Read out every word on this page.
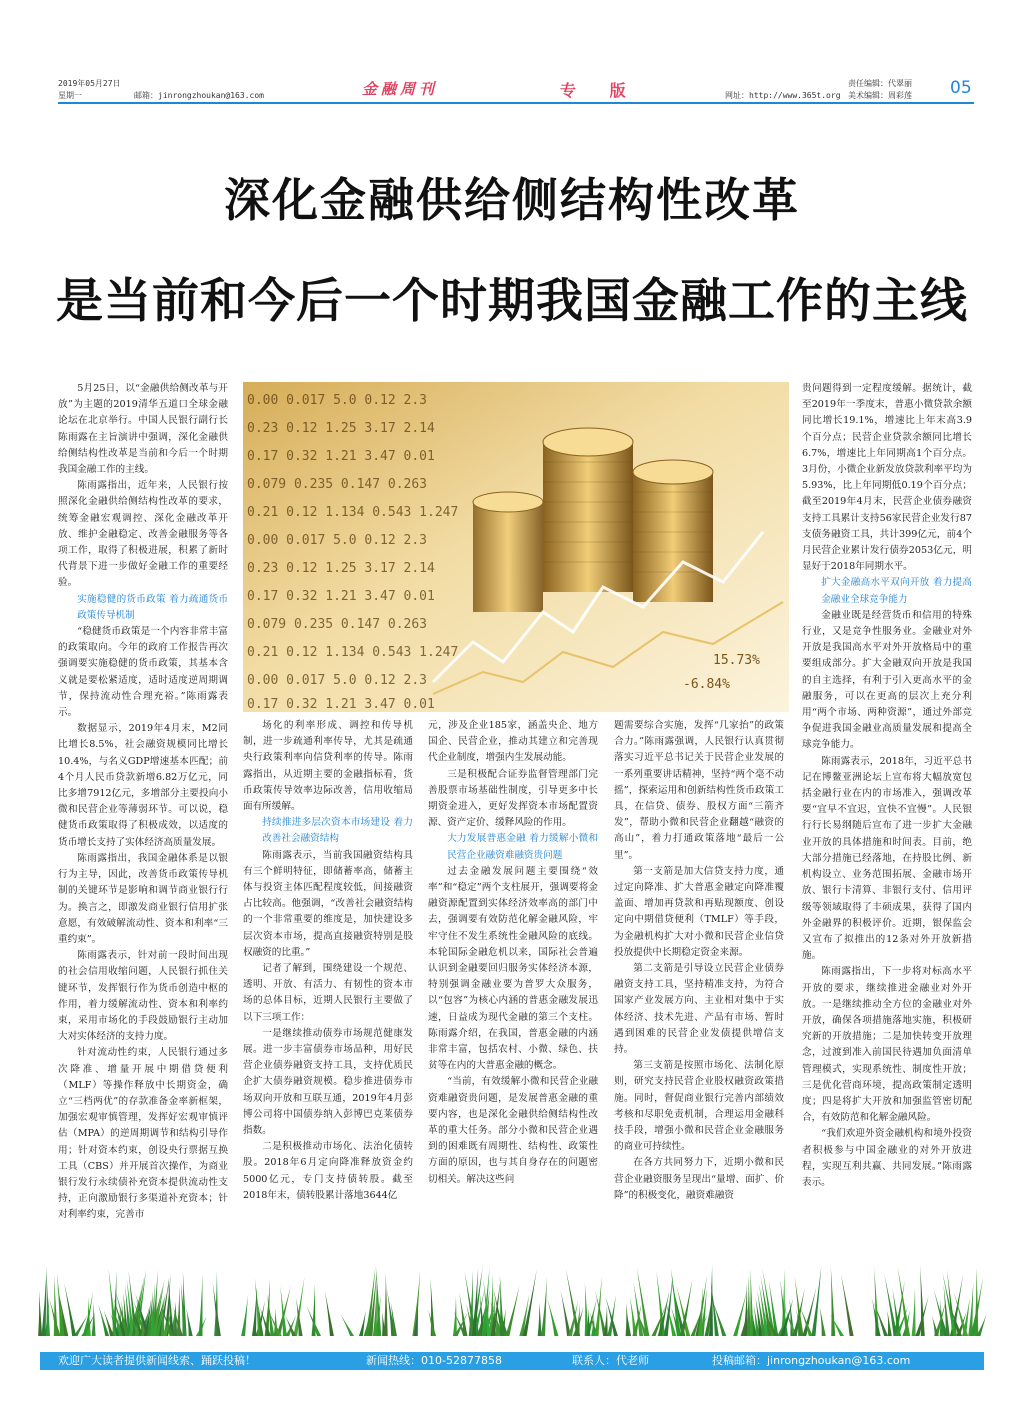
2019年05月27日
星期一	邮箱：jinrongzhoukan@163.com	金融周刊	专 版	网址：http://www.365t.org
责任编辑：代翠丽
美术编辑：周彩莲 05
深化金融供给侧结构性改革
是当前和今后一个时期我国金融工作的主线
0.00 0.017 5.0 0.12 2.3
0.23 0.12 1.25 3.17 2.14
0.17 0.32 1.21 3.47 0.01
0.079 0.235 0.147 0.263
0.21 0.12 1.134 0.543 1.247
0.00 0.017 5.0 0.12 2.3
0.23 0.12 1.25 3.17 2.14
0.17 0.32 1.21 3.47 0.01
0.079 0.235 0.147 0.263
0.21 0.12 1.134 0.543 1.247
0.00 0.017 5.0 0.12 2.3
0.17 0.32 1.21 3.47 0.01
15.73%
-6.84%

5月25日，以“金融供给侧改革与开放”为主题的2019清华五道口全球金融论坛在北京举行。中国人民银行副行长陈雨露在主旨演讲中强调，深化金融供给侧结构性改革是当前和今后一个时期我国金融工作的主线。

陈雨露指出，近年来，人民银行按照深化金融供给侧结构性改革的要求，统筹金融宏观调控、深化金融改革开放、维护金融稳定、改善金融服务等各项工作，取得了积极进展，积累了新时代背景下进一步做好金融工作的重要经验。

实施稳健的货币政策 着力疏通货币政策传导机制

“稳健货币政策是一个内容非常丰富的政策取向。今年的政府工作报告再次强调要实施稳健的货币政策，其基本含义就是要松紧适度，适时适度逆周期调节，保持流动性合理充裕。”陈雨露表示。

数据显示，2019年4月末，M2同比增长8.5%，社会融资规模同比增长10.4%，与名义GDP增速基本匹配；前4个月人民币贷款新增6.82万亿元，同比多增7912亿元，多增部分主要投向小微和民营企业等薄弱环节。可以说，稳健货币政策取得了积极成效，以适度的货币增长支持了实体经济高质量发展。

陈雨露指出，我国金融体系是以银行为主导，因此，改善货币政策传导机制的关键环节是影响和调节商业银行行为。换言之，即激发商业银行信用扩张意愿，有效破解流动性、资本和利率“三重约束”。

陈雨露表示，针对前一段时间出现的社会信用收缩问题，人民银行抓住关键环节，发挥银行作为货币创造中枢的作用，着力缓解流动性、资本和利率约束，采用市场化的手段鼓励银行主动加大对实体经济的支持力度。

针对流动性约束，人民银行通过多次降准、增量开展中期借贷便利（MLF）等操作释放中长期资金，确立“三档两优”的存款准备金率新框架，加强宏观审慎管理，发挥好宏观审慎评估（MPA）的逆周期调节和结构引导作用；针对资本约束，创设央行票据互换工具（CBS）并开展首次操作，为商业银行发行永续债补充资本提供流动性支持，正向激励银行多渠道补充资本；针对利率约束，完善市

场化的利率形成、调控和传导机制，进一步疏通利率传导，尤其是疏通央行政策利率向信贷利率的传导。陈雨露指出，从近期主要的金融指标看，货币政策传导效率边际改善，信用收缩局面有所缓解。

持续推进多层次资本市场建设 着力改善社会融资结构

陈雨露表示，当前我国融资结构具有三个鲜明特征，即储蓄率高，储蓄主体与投资主体匹配程度较低，间接融资占比较高。他强调，“改善社会融资结构的一个非常重要的维度是，加快建设多层次资本市场，提高直接融资特别是股权融资的比重。”

记者了解到，围绕建设一个规范、透明、开放、有活力、有韧性的资本市场的总体目标，近期人民银行主要做了以下三项工作：

一是继续推动债券市场规范健康发展。进一步丰富债券市场品种，用好民营企业债券融资支持工具，支持优质民企扩大债券融资规模。稳步推进债券市场双向开放和互联互通，2019年4月彭博公司将中国债券纳入彭博巴克莱债券指数。

二是积极推动市场化、法治化债转股。2018年6月定向降准释放资金约5000亿元，专门支持债转股。截至2018年末，债转股累计落地3644亿

元，涉及企业185家，涵盖央企、地方国企、民营企业，推动其建立和完善现代企业制度，增强内生发展动能。

三是积极配合证券监督管理部门完善股票市场基础性制度，引导更多中长期资金进入，更好发挥资本市场配置资源、资产定价、缓释风险的作用。

大力发展普惠金融 着力缓解小微和民营企业融资难融资贵问题

过去金融发展问题主要围绕“效率”和“稳定”两个支柱展开，强调要将金融资源配置到实体经济效率高的部门中去，强调要有效防范化解金融风险，牢牢守住不发生系统性金融风险的底线。本轮国际金融危机以来，国际社会普遍认识到金融要回归服务实体经济本源，特别强调金融业要为普罗大众服务，以“包容”为核心内涵的普惠金融发展迅速，日益成为现代金融的第三个支柱。陈雨露介绍，在我国，普惠金融的内涵非常丰富，包括农村、小微、绿色、扶贫等在内的大普惠金融的概念。

“当前，有效缓解小微和民营企业融资难融资贵问题，是发展普惠金融的重要内容，也是深化金融供给侧结构性改革的重大任务。部分小微和民营企业遇到的困难既有周期性、结构性、政策性方面的原因，也与其自身存在的问题密切相关。解决这些问

题需要综合实施，发挥“几家抬”的政策合力。”陈雨露强调，人民银行认真贯彻落实习近平总书记关于民营企业发展的一系列重要讲话精神，坚持“两个毫不动摇”，探索运用和创新结构性货币政策工具，在信贷、债券、股权方面“三箭齐发”，帮助小微和民营企业翻越“融资的高山”，着力打通政策落地“最后一公里”。

第一支箭是加大信贷支持力度，通过定向降准、扩大普惠金融定向降准覆盖面、增加再贷款和再贴现额度、创设定向中期借贷便利（TMLF）等手段，为金融机构扩大对小微和民营企业信贷投放提供中长期稳定资金来源。

第二支箭是引导设立民营企业债券融资支持工具，坚持精准支持，为符合国家产业发展方向、主业相对集中于实体经济、技术先进、产品有市场、暂时遇到困难的民营企业发债提供增信支持。

第三支箭是按照市场化、法制化原则，研究支持民营企业股权融资政策措施。同时，督促商业银行完善内部绩效考核和尽职免责机制，合理运用金融科技手段，增强小微和民营企业金融服务的商业可持续性。

在各方共同努力下，近期小微和民营企业融资服务呈现出“量增、面扩、价降”的积极变化，融资难融资

贵问题得到一定程度缓解。据统计，截至2019年一季度末，普惠小微贷款余额同比增长19.1%，增速比上年末高3.9个百分点；民营企业贷款余额同比增长6.7%，增速比上年同期高1个百分点。3月份，小微企业新发放贷款利率平均为5.93%，比上年同期低0.19个百分点；截至2019年4月末，民营企业债券融资支持工具累计支持56家民营企业发行87支债务融资工具，共计399亿元，前4个月民营企业累计发行债券2053亿元，明显好于2018年同期水平。

扩大金融高水平双向开放 着力提高金融业全球竞争能力

金融业既是经营货币和信用的特殊行业，又是竞争性服务业。金融业对外开放是我国高水平对外开放格局中的重要组成部分。扩大金融双向开放是我国的自主选择，有利于引入更高水平的金融服务，可以在更高的层次上充分利用“两个市场、两种资源”，通过外部竞争促进我国金融业高质量发展和提高全球竞争能力。

陈雨露表示，2018年，习近平总书记在博鳌亚洲论坛上宣布将大幅放宽包括金融行业在内的市场准入，强调改革要“宜早不宜迟，宜快不宜慢”。人民银行行长易纲随后宣布了进一步扩大金融业开放的具体措施和时间表。目前，绝大部分措施已经落地，在持股比例、新机构设立、业务范围拓展、金融市场开放、银行卡清算、非银行支付、信用评级等领域取得了丰硕成果，获得了国内外金融界的积极评价。近期，银保监会又宣布了拟推出的12条对外开放新措施。

陈雨露指出，下一步将对标高水平开放的要求，继续推进金融业对外开放。一是继续推动全方位的金融业对外开放，确保各项措施落地实施，积极研究新的开放措施；二是加快转变开放理念，过渡到准入前国民待遇加负面清单管理模式，实现系统性、制度性开放；三是优化营商环境，提高政策制定透明度；四是将扩大开放和加强监管密切配合，有效防范和化解金融风险。

“我们欢迎外资金融机构和境外投资者积极参与中国金融业的对外开放进程，实现互利共赢、共同发展。”陈雨露表示。

欢迎广大读者提供新闻线索、踊跃投稿！	新闻热线：010-52877858	联系人：代老师	投稿邮箱：jinrongzhoukan@163.com
